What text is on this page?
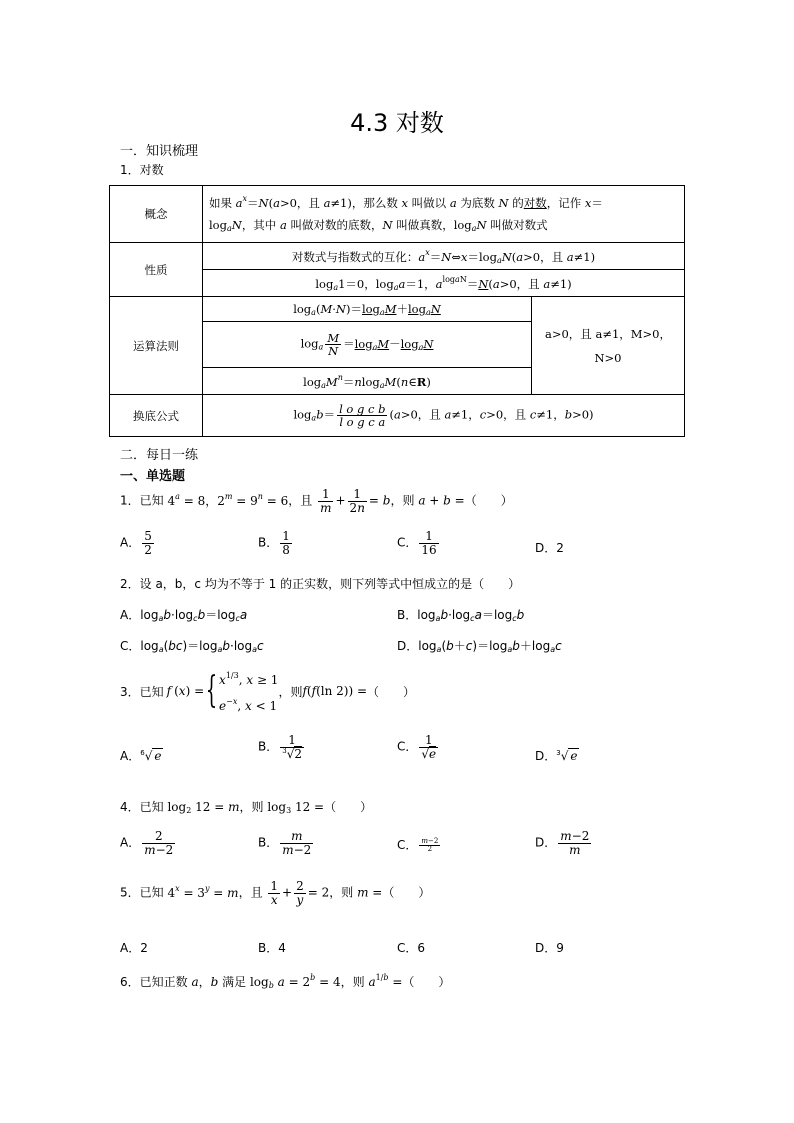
4.3 对数
一．知识梳理
1．对数
概念	如果 $a^x=N(a>0$，且 a≠1)，那么数 x 叫做以 a 为底数 N 的对数，记作 x＝
$\log_aN$，其中 a 叫做对数的底数，N 叫做真数，$\log_aN$ 叫做对数式	
性质	对数式与指数式的互化：$a^x=N\Leftrightarrow x=\log_aN(a>0$，且 a≠1)	
	$\log_a1=0$，$\log_aa=1$，$a^{logaN}=N(a>0$，且 a≠1)	
运算法则	$\log_a(M\cdot N)=\log_aM+\log_aN$	a>0，且 a≠1，M>0，
N>0
	$\log_a \frac{M}{N} =\log_aM-\log_aN$	
	$\log_aM^n=nlog_aM(n\in R)$	
换底公式	$\log_ab= \frac{\text{l o g c b}}{\text{l o g c a}} (a>0$，且 a≠1，c>0，且 c≠1，b>0)	
二．每日一练
一、单选题
1．已知 $4^a = 8$，$2^m = 9^n = 6$，且 $\frac{1}{m} + \frac{1}{2n} = b$，则 a + b =（　　）
A． $\frac{5}{2}$	B． $\frac{1}{8}$	C． $\frac{1}{16}$	D．2
2．设 a，b，c 均为不等于 1 的正实数，则下列等式中恒成立的是（　　）
A．$\log_ab\cdot\log_cb=\log_ca$	B．$\log_ab\cdot\log_ca=\log_cb$
C．$\log_a(bc)=\log_ab\cdot\log_ac$	D．$\log_a(b+c)=\log_ab+\log_ac$
3． 已知 f (x) = { $x^{1/3}$, x ≥ 1
$e^{-x}$, x < 1
，则 f(f(ln 2)) = （　　）
A．$^6$√ e
B． $\frac{1}{^3√2}$	C． $\frac{1}{√e}$	D．$^3$√ e
4．已知 $\log_2 12 = m$，则 $\log_3 12$ =（　　）
A． $\frac{2}{m-2}$	B． $\frac{m}{m-2}$	C． $\frac{m-2}{2}$	D． $\frac{m-2}{m}$
5．已知 $4^x = 3^y = m$，且 $\frac{1}{x} + \frac{2}{y} = 2$，则 m =（　　）
A．2	B．4	C．6	D．9
6．已知正数 a，b 满足 $\log_b a = 2^b = 4$，则 $a^{1/b}$ =（　　）
